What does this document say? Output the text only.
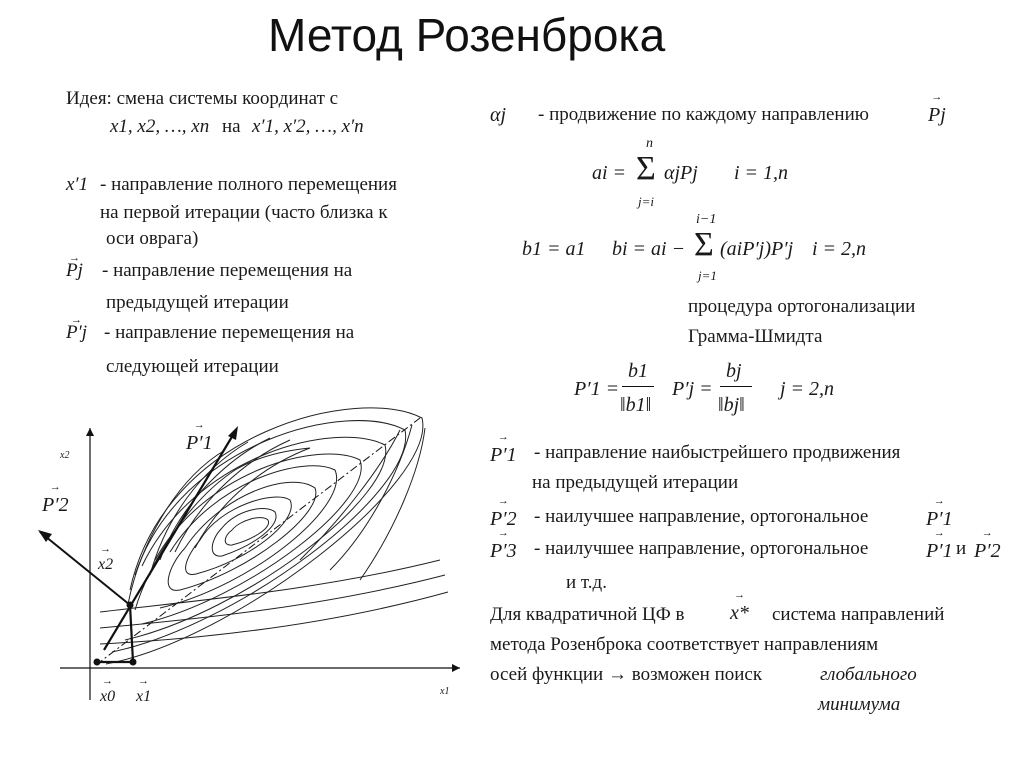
Метод Розенброка
Идея: смена системы координат с
x1, x2, …, xn на x′1, x′2, …, x′n
x′1 - направление полного перемещения
на первой итерации (часто близка к
оси оврага)
→ Pj - направление перемещения на
предыдущей итерации
→ P′j - направление перемещения на
следующей итерации
x1
x2
→ P′1
→ P′2
→ x2
→ x0 → x1
αj - продвижение по каждому направлению	→ Pj
ai =
n
Σ
j=i
αjPj i = 1,n
b1 = a1 bi = ai −
i−1
Σ
j=1
(aiP′j)P′j i = 2,n
процедура ортогонализации
Грамма-Шмидта
P′1 =
b1
‖b1‖
P′j =
bj
‖bj‖
j = 2,n
→ P′1 - направление наибыстрейшего продвижения
на предыдущей итерации
→ P′2 - наилучшее направление, ортогональное	→ P′1
→ P′3 - наилучшее направление, ортогональное	→ P′1 и → P′2
и т.д.
Для квадратичной ЦФ в → x* система направлений
метода Розенброка соответствует направлениям
осей функции → возможен поиск	глобального
минимума
